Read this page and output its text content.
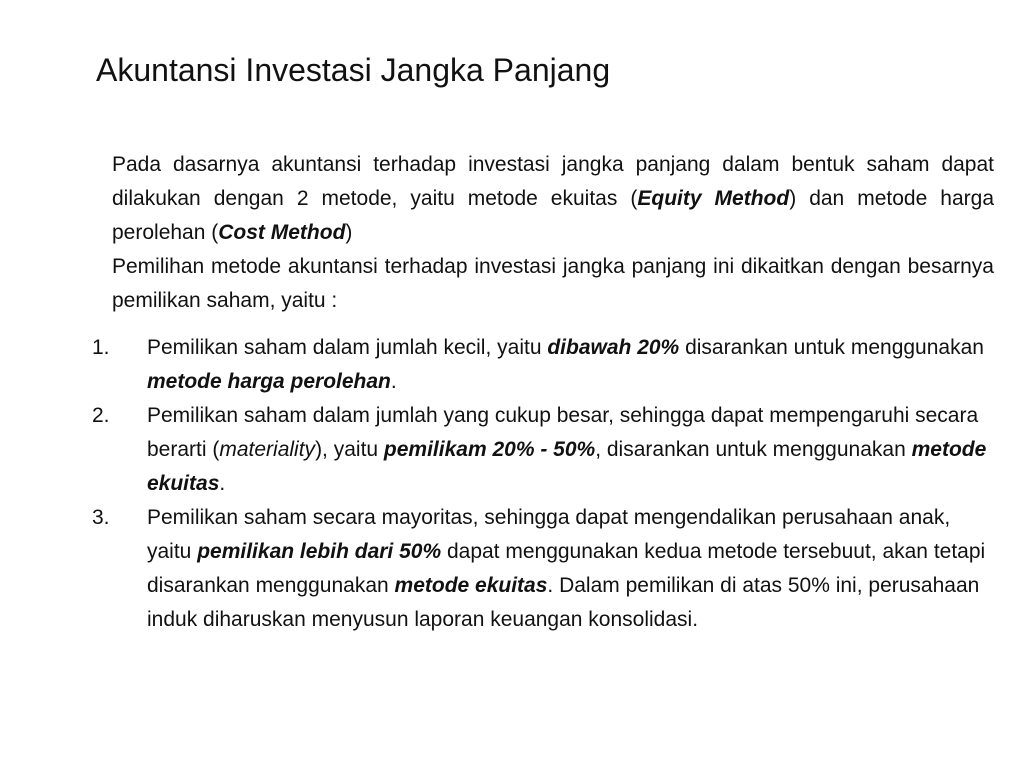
Akuntansi Investasi Jangka Panjang

Pada dasarnya akuntansi terhadap investasi jangka panjang dalam bentuk saham dapat dilakukan dengan 2 metode, yaitu metode ekuitas (Equity Method) dan metode harga perolehan (Cost Method)

Pemilihan metode akuntansi terhadap investasi jangka panjang ini dikaitkan dengan besarnya pemilikan saham, yaitu :

1. Pemilikan saham dalam jumlah kecil, yaitu dibawah 20% disarankan untuk menggunakan metode harga perolehan.
2. Pemilikan saham dalam jumlah yang cukup besar, sehingga dapat mempengaruhi secara berarti (materiality), yaitu pemilikam 20% - 50%, disarankan untuk menggunakan metode ekuitas.
3. Pemilikan saham secara mayoritas, sehingga dapat mengendalikan perusahaan anak, yaitu pemilikan lebih dari 50% dapat menggunakan kedua metode tersebuut, akan tetapi disarankan menggunakan metode ekuitas. Dalam pemilikan di atas 50% ini, perusahaan induk diharuskan menyusun laporan keuangan konsolidasi.
